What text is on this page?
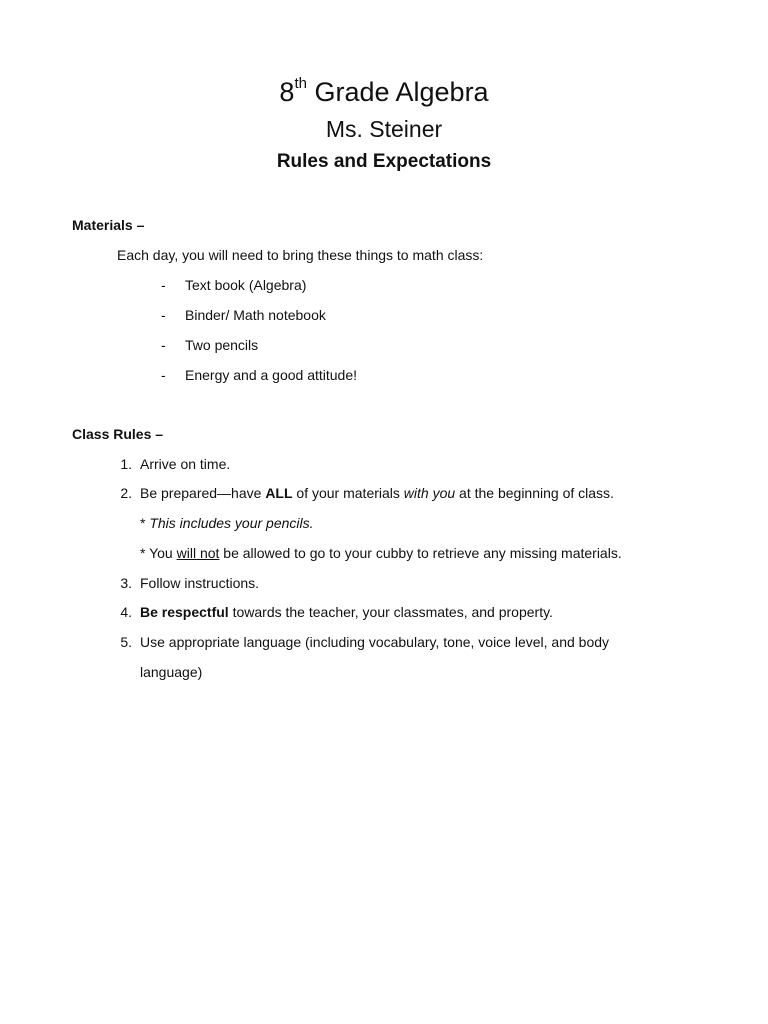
8th Grade Algebra
Ms. Steiner
Rules and Expectations
Materials –
Each day, you will need to bring these things to math class:
- Text book (Algebra)
- Binder/ Math notebook
- Two pencils
- Energy and a good attitude!
Class Rules –
1. Arrive on time.
2. Be prepared—have ALL of your materials with you at the beginning of class.
* This includes your pencils.
* You will not be allowed to go to your cubby to retrieve any missing materials.
3. Follow instructions.
4. Be respectful towards the teacher, your classmates, and property.
5. Use appropriate language (including vocabulary, tone, voice level, and body
language)
